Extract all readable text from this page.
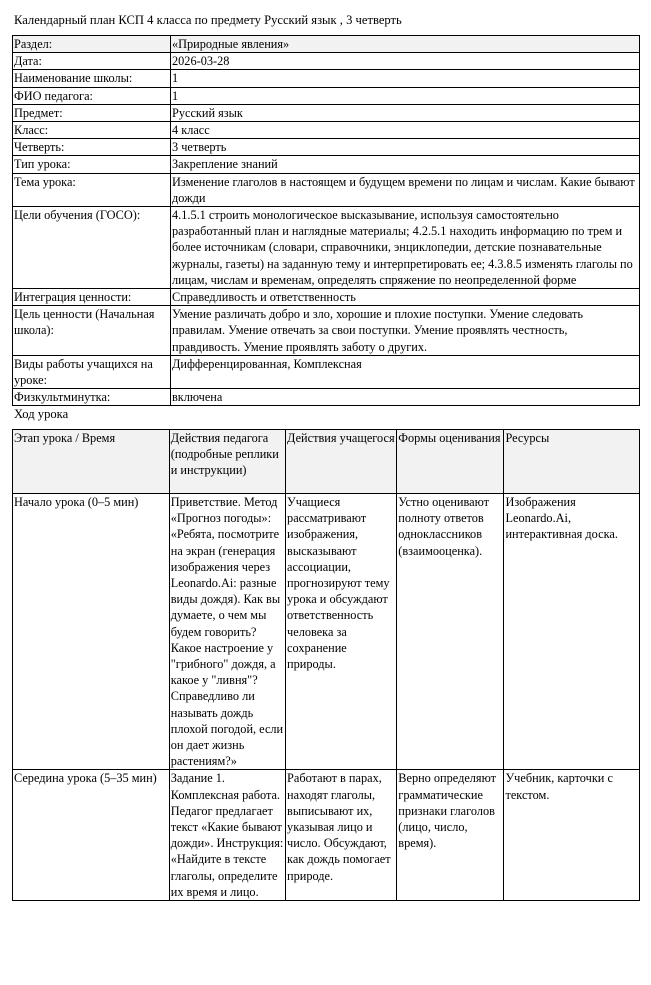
Календарный план КСП 4 класса по предмету Русский язык , 3 четверть
Раздел:	«Природные явления»
Дата:	2026-03-28
Наименование школы:	1
ФИО педагога:	1
Предмет:	Русский язык
Класс:	4 класс
Четверть:	3 четверть
Тип урока:	Закрепление знаний
Тема урока:	Изменение глаголов в настоящем и будущем времени по лицам и числам. Какие бывают дожди
Цели обучения (ГОСО):	4.1.5.1 строить монологическое высказывание, используя самостоятельно разработанный план и наглядные материалы; 4.2.5.1 находить информацию по трем и более источникам (словари, справочники, энциклопедии, детские познавательные журналы, газеты) на заданную тему и интерпретировать ее; 4.3.8.5 изменять глаголы по лицам, числам и временам, определять спряжение по неопределенной форме
Интеграция ценности:	Справедливость и ответственность
Цель ценности (Начальная школа):	Умение различать добро и зло, хорошие и плохие поступки. Умение следовать правилам. Умение отвечать за свои поступки. Умение проявлять честность, правдивость. Умение проявлять заботу о других.
Виды работы учащихся на уроке:	Дифференцированная, Комплексная
Физкультминутка:	включена
Ход урока
Этап урока / Время	Действия педагога (подробные реплики и инструкции)	Действия учащегося	Формы оценивания	Ресурсы
Начало урока (0–5 мин)	Приветствие. Метод «Прогноз погоды»: «Ребята, посмотрите на экран (генерация изображения через Leonardo.Ai: разные виды дождя). Как вы думаете, о чем мы будем говорить? Какое настроение у "грибного" дождя, а какое у "ливня"? Справедливо ли называть дождь плохой погодой, если он дает жизнь растениям?»	Учащиеся рассматривают изображения, высказывают ассоциации, прогнозируют тему урока и обсуждают ответственность человека за сохранение природы.	Устно оценивают полноту ответов одноклассников (взаимооценка).	Изображения Leonardo.Ai, интерактивная доска.
Середина урока (5–35 мин)	Задание 1. Комплексная работа. Педагог предлагает текст «Какие бывают дожди». Инструкция: «Найдите в тексте глаголы, определите их время и лицо.	Работают в парах, находят глаголы, выписывают их, указывая лицо и число. Обсуждают, как дождь помогает природе.	Верно определяют грамматические признаки глаголов (лицо, число, время).	Учебник, карточки с текстом.
